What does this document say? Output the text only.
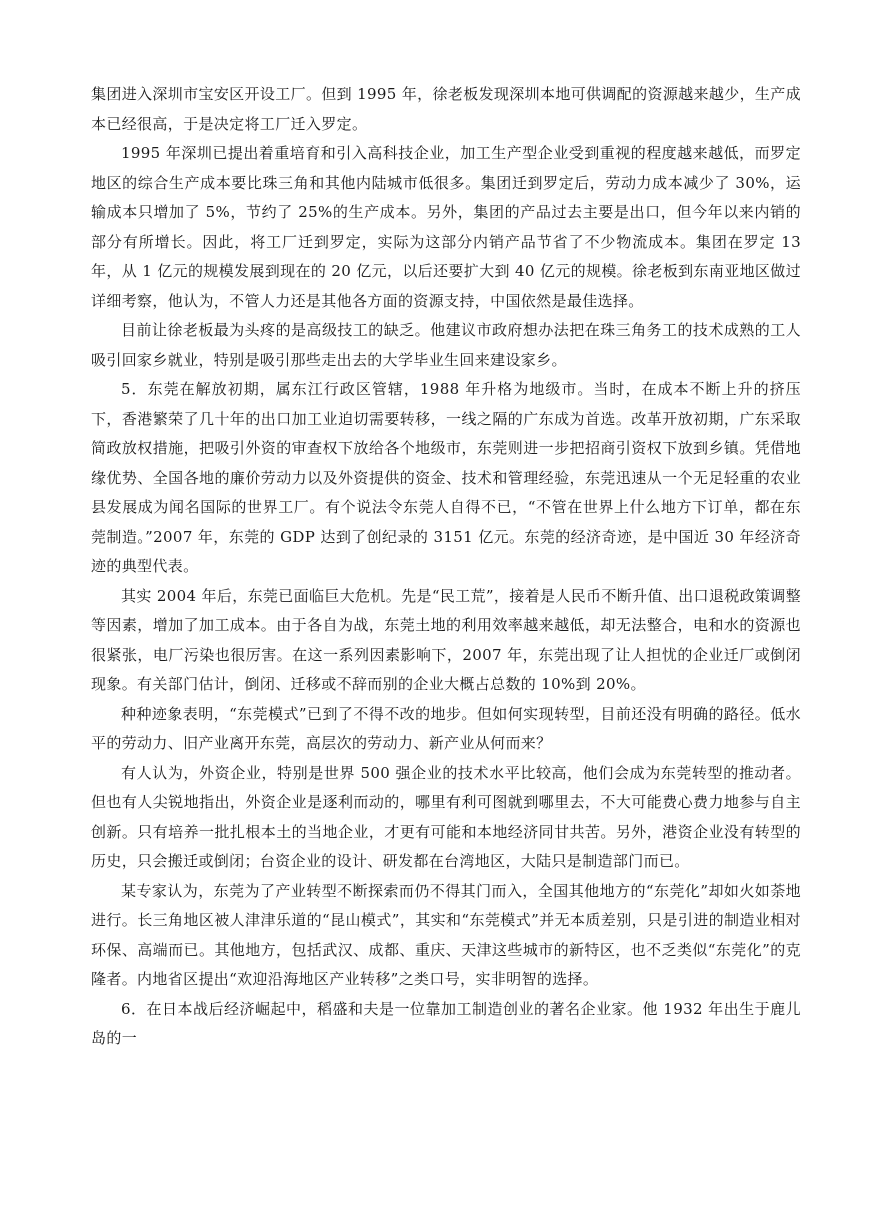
集团进入深圳市宝安区开设工厂。但到 1995 年，徐老板发现深圳本地可供调配的资源越来越少，生产成本已经很高，于是决定将工厂迁入罗定。

1995 年深圳已提出着重培育和引入高科技企业，加工生产型企业受到重视的程度越来越低，而罗定地区的综合生产成本要比珠三角和其他内陆城市低很多。集团迁到罗定后，劳动力成本减少了 30%，运输成本只增加了 5%，节约了 25%的生产成本。另外，集团的产品过去主要是出口，但今年以来内销的部分有所增长。因此，将工厂迁到罗定，实际为这部分内销产品节省了不少物流成本。集团在罗定 13 年，从 1 亿元的规模发展到现在的 20 亿元，以后还要扩大到 40 亿元的规模。徐老板到东南亚地区做过详细考察，他认为，不管人力还是其他各方面的资源支持，中国依然是最佳选择。

目前让徐老板最为头疼的是高级技工的缺乏。他建议市政府想办法把在珠三角务工的技术成熟的工人吸引回家乡就业，特别是吸引那些走出去的大学毕业生回来建设家乡。

5．东莞在解放初期，属东江行政区管辖，1988 年升格为地级市。当时，在成本不断上升的挤压下，香港繁荣了几十年的出口加工业迫切需要转移，一线之隔的广东成为首选。改革开放初期，广东采取简政放权措施，把吸引外资的审查权下放给各个地级市，东莞则进一步把招商引资权下放到乡镇。凭借地缘优势、全国各地的廉价劳动力以及外资提供的资金、技术和管理经验，东莞迅速从一个无足轻重的农业县发展成为闻名国际的世界工厂。有个说法令东莞人自得不已，“不管在世界上什么地方下订单，都在东莞制造。”2007 年，东莞的 GDP 达到了创纪录的 3151 亿元。东莞的经济奇迹，是中国近 30 年经济奇迹的典型代表。

其实 2004 年后，东莞已面临巨大危机。先是“民工荒”，接着是人民币不断升值、出口退税政策调整等因素，增加了加工成本。由于各自为战，东莞土地的利用效率越来越低，却无法整合，电和水的资源也很紧张，电厂污染也很厉害。在这一系列因素影响下，2007 年，东莞出现了让人担忧的企业迁厂或倒闭现象。有关部门估计，倒闭、迁移或不辞而别的企业大概占总数的 10%到 20%。

种种迹象表明，“东莞模式”已到了不得不改的地步。但如何实现转型，目前还没有明确的路径。低水平的劳动力、旧产业离开东莞，高层次的劳动力、新产业从何而来？

有人认为，外资企业，特别是世界 500 强企业的技术水平比较高，他们会成为东莞转型的推动者。但也有人尖锐地指出，外资企业是逐利而动的，哪里有利可图就到哪里去，不大可能费心费力地参与自主创新。只有培养一批扎根本土的当地企业，才更有可能和本地经济同甘共苦。另外，港资企业没有转型的历史，只会搬迁或倒闭；台资企业的设计、研发都在台湾地区，大陆只是制造部门而已。

某专家认为，东莞为了产业转型不断探索而仍不得其门而入，全国其他地方的“东莞化”却如火如荼地进行。长三角地区被人津津乐道的“昆山模式”，其实和“东莞模式”并无本质差别，只是引进的制造业相对环保、高端而已。其他地方，包括武汉、成都、重庆、天津这些城市的新特区，也不乏类似“东莞化”的克隆者。内地省区提出“欢迎沿海地区产业转移”之类口号，实非明智的选择。

6．在日本战后经济崛起中，稻盛和夫是一位靠加工制造创业的著名企业家。他 1932 年出生于鹿儿岛的一
